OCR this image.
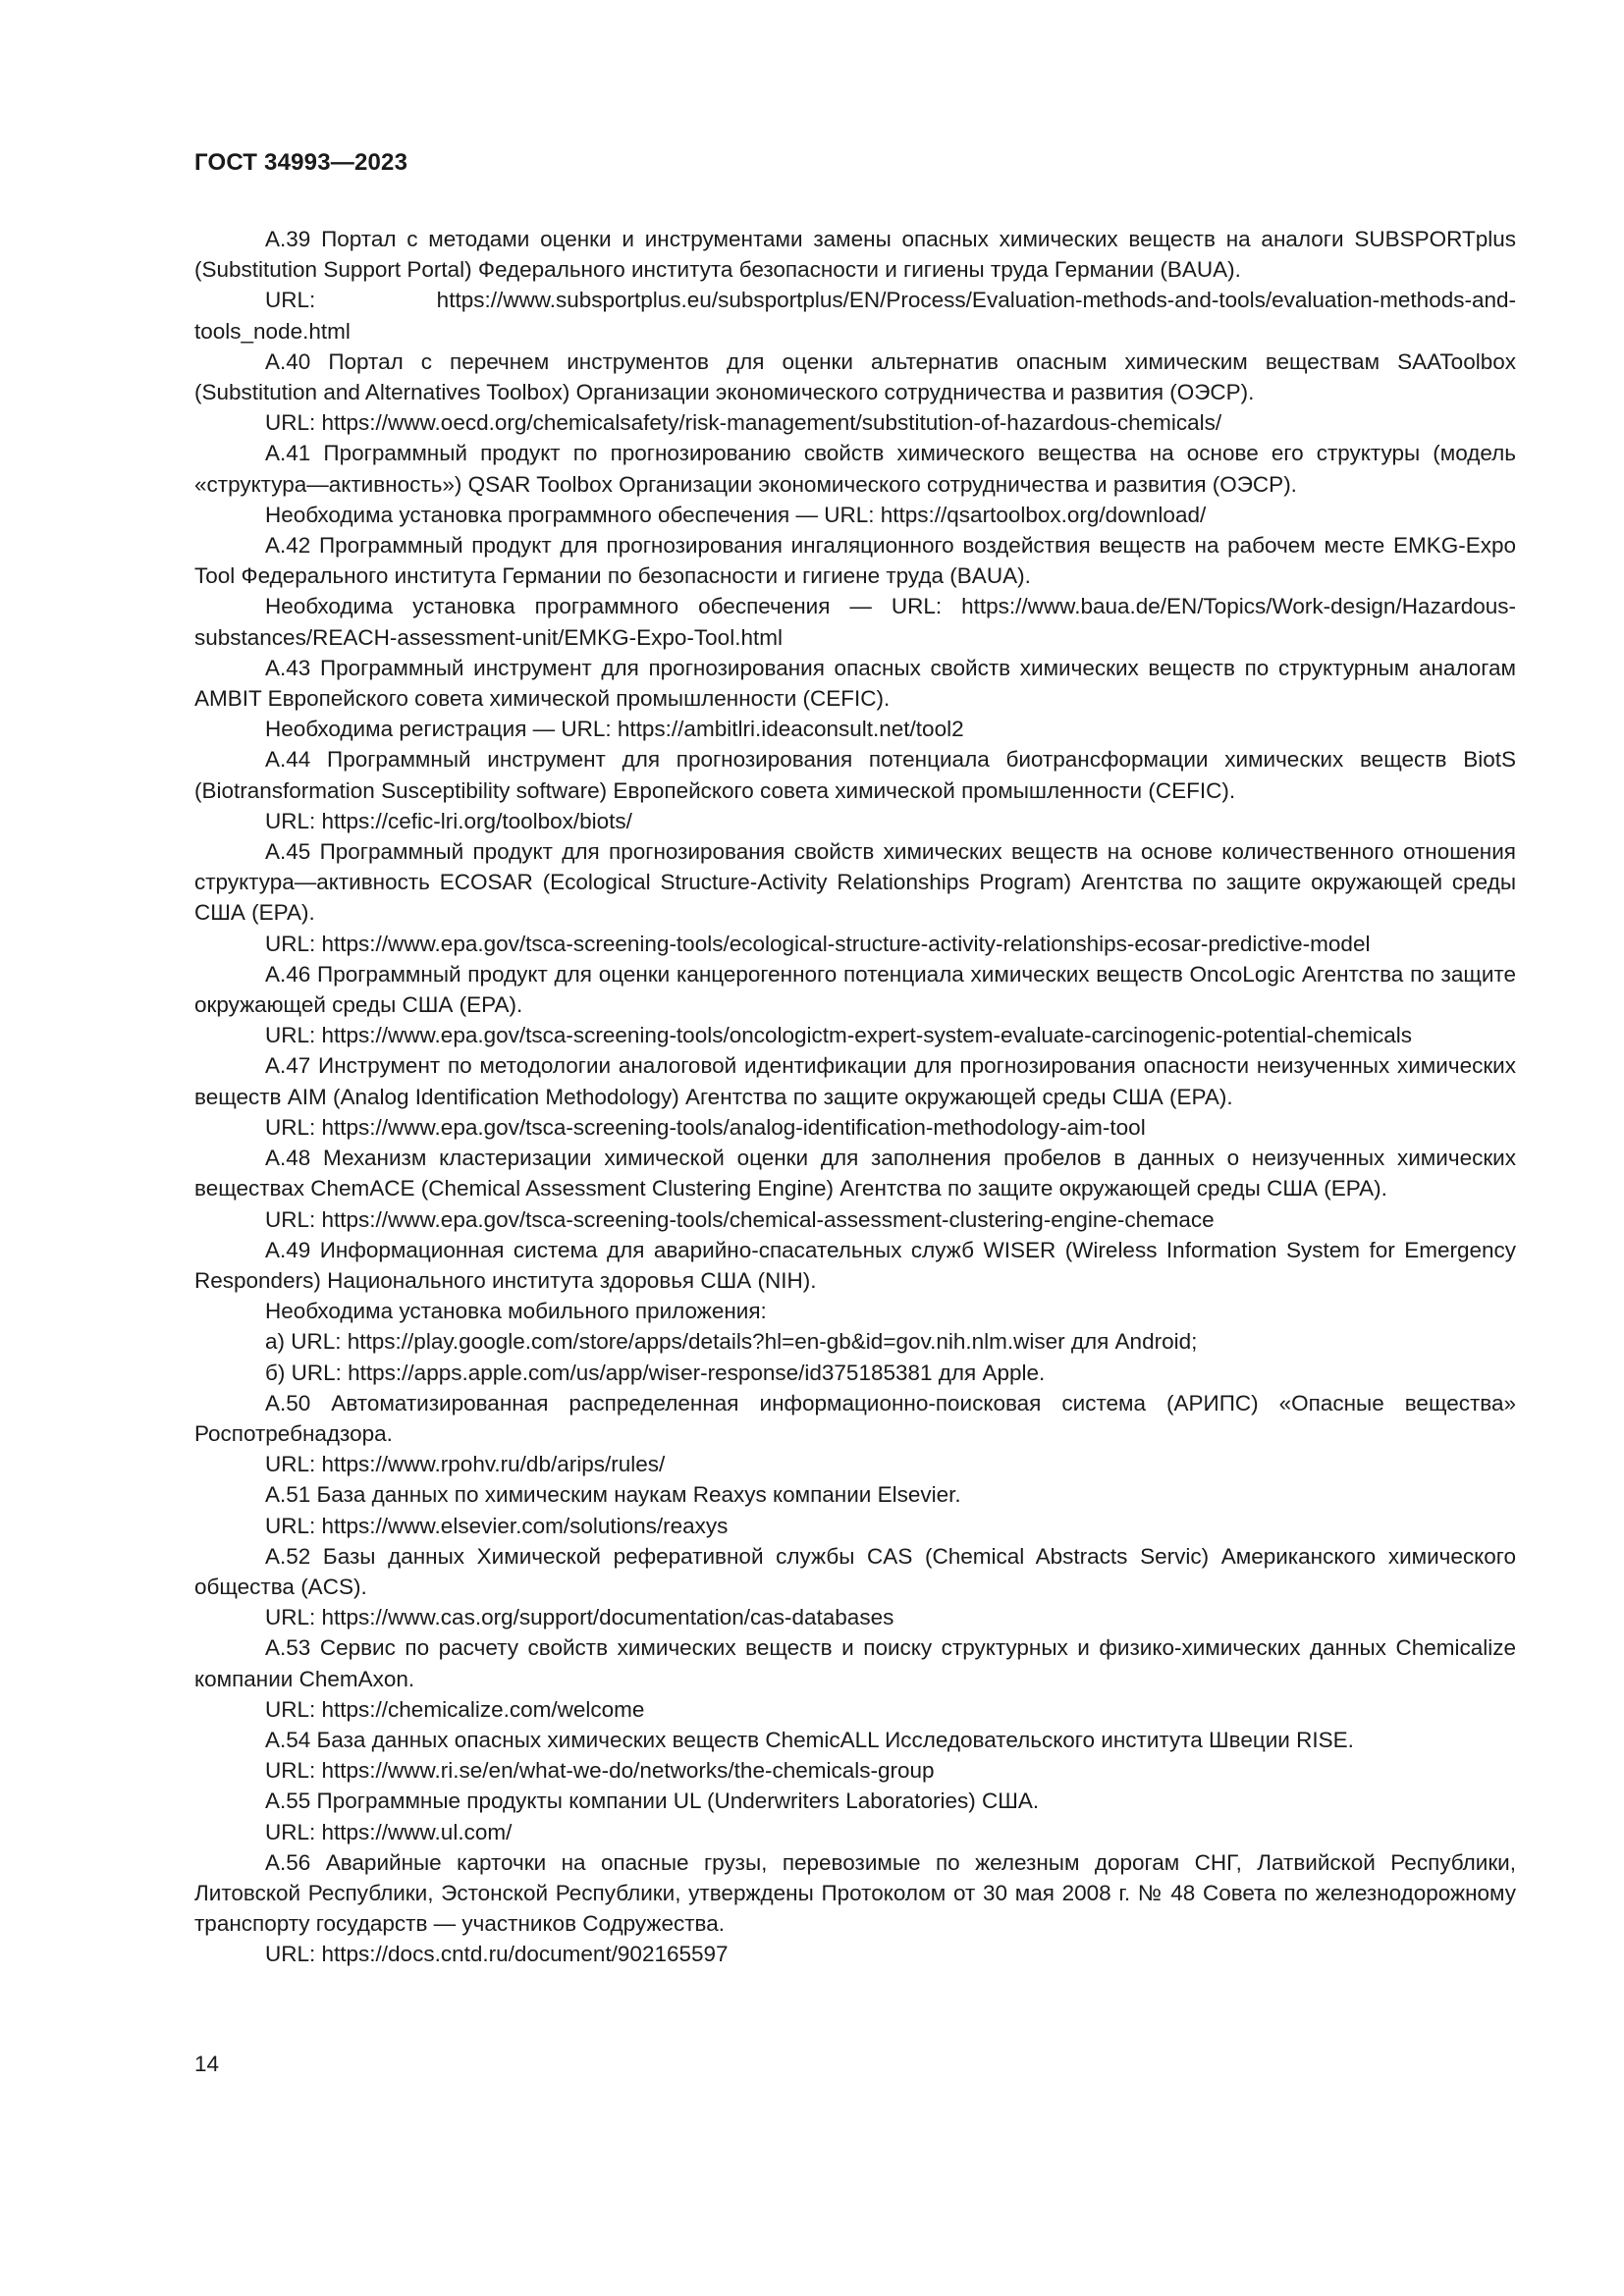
ГОСТ 34993—2023

А.39 Портал с методами оценки и инструментами замены опасных химических веществ на аналоги SUBSPORTplus (Substitution Support Portal) Федерального института безопасности и гигиены труда Германии (BAUA).

URL: https://www.subsportplus.eu/subsportplus/EN/Process/Evaluation-methods-and-tools/evaluation-methods-and-tools_node.html

А.40 Портал с перечнем инструментов для оценки альтернатив опасным химическим веществам SAAToolbox (Substitution and Alternatives Toolbox) Организации экономического сотрудничества и развития (ОЭСР).

URL: https://www.oecd.org/chemicalsafety/risk-management/substitution-of-hazardous-chemicals/

А.41 Программный продукт по прогнозированию свойств химического вещества на основе его структуры (модель «структура—активность») QSAR Toolbox Организации экономического сотрудничества и развития (ОЭСР).

Необходима установка программного обеспечения — URL: https://qsartoolbox.org/download/

А.42 Программный продукт для прогнозирования ингаляционного воздействия веществ на рабочем месте EMKG-Expo Tool Федерального института Германии по безопасности и гигиене труда (BAUA).

Необходима установка программного обеспечения — URL: https://www.baua.de/EN/Topics/Work-design/Hazardous-substances/REACH-assessment-unit/EMKG-Expo-Tool.html

А.43 Программный инструмент для прогнозирования опасных свойств химических веществ по структурным аналогам AMBIT Европейского совета химической промышленности (CEFIC).

Необходима регистрация — URL: https://ambitlri.ideaconsult.net/tool2

А.44 Программный инструмент для прогнозирования потенциала биотрансформации химических веществ BiotS (Biotransformation Susceptibility software) Европейского совета химической промышленности (CEFIC).

URL: https://cefic-lri.org/toolbox/biots/

А.45 Программный продукт для прогнозирования свойств химических веществ на основе количественного отношения структура—активность ECOSAR (Ecological Structure-Activity Relationships Program) Агентства по защите окружающей среды США (EPA).

URL: https://www.epa.gov/tsca-screening-tools/ecological-structure-activity-relationships-ecosar-predictive-model

А.46 Программный продукт для оценки канцерогенного потенциала химических веществ OncoLogic Агентства по защите окружающей среды США (EPA).

URL: https://www.epa.gov/tsca-screening-tools/oncologictm-expert-system-evaluate-carcinogenic-potential-chemicals

А.47 Инструмент по методологии аналоговой идентификации для прогнозирования опасности неизученных химических веществ AIM (Analog Identification Methodology) Агентства по защите окружающей среды США (EPA).

URL: https://www.epa.gov/tsca-screening-tools/analog-identification-methodology-aim-tool

А.48 Механизм кластеризации химической оценки для заполнения пробелов в данных о неизученных химических веществах ChemACE (Chemical Assessment Clustering Engine) Агентства по защите окружающей среды США (EPA).

URL: https://www.epa.gov/tsca-screening-tools/chemical-assessment-clustering-engine-chemace

А.49 Информационная система для аварийно-спасательных служб WISER (Wireless Information System for Emergency Responders) Национального института здоровья США (NIH).

Необходима установка мобильного приложения:

а) URL: https://play.google.com/store/apps/details?hl=en-gb&id=gov.nih.nlm.wiser для Android;

б) URL: https://apps.apple.com/us/app/wiser-response/id375185381 для Apple.

А.50 Автоматизированная распределенная информационно-поисковая система (АРИПС) «Опасные вещества» Роспотребнадзора.

URL: https://www.rpohv.ru/db/arips/rules/

А.51 База данных по химическим наукам Reaxys компании Elsevier.

URL: https://www.elsevier.com/solutions/reaxys

А.52 Базы данных Химической реферативной службы CAS (Chemical Abstracts Servic) Американского химического общества (ACS).

URL: https://www.cas.org/support/documentation/cas-databases

А.53 Сервис по расчету свойств химических веществ и поиску структурных и физико-химических данных Chemicalize компании ChemAxon.

URL: https://chemicalize.com/welcome

А.54 База данных опасных химических веществ ChemicALL Исследовательского института Швеции RISE.

URL: https://www.ri.se/en/what-we-do/networks/the-chemicals-group

А.55 Программные продукты компании UL (Underwriters Laboratories) США.

URL: https://www.ul.com/

А.56 Аварийные карточки на опасные грузы, перевозимые по железным дорогам СНГ, Латвийской Республики, Литовской Республики, Эстонской Республики, утверждены Протоколом от 30 мая 2008 г. № 48 Совета по железнодорожному транспорту государств — участников Содружества.

URL: https://docs.cntd.ru/document/902165597

14
